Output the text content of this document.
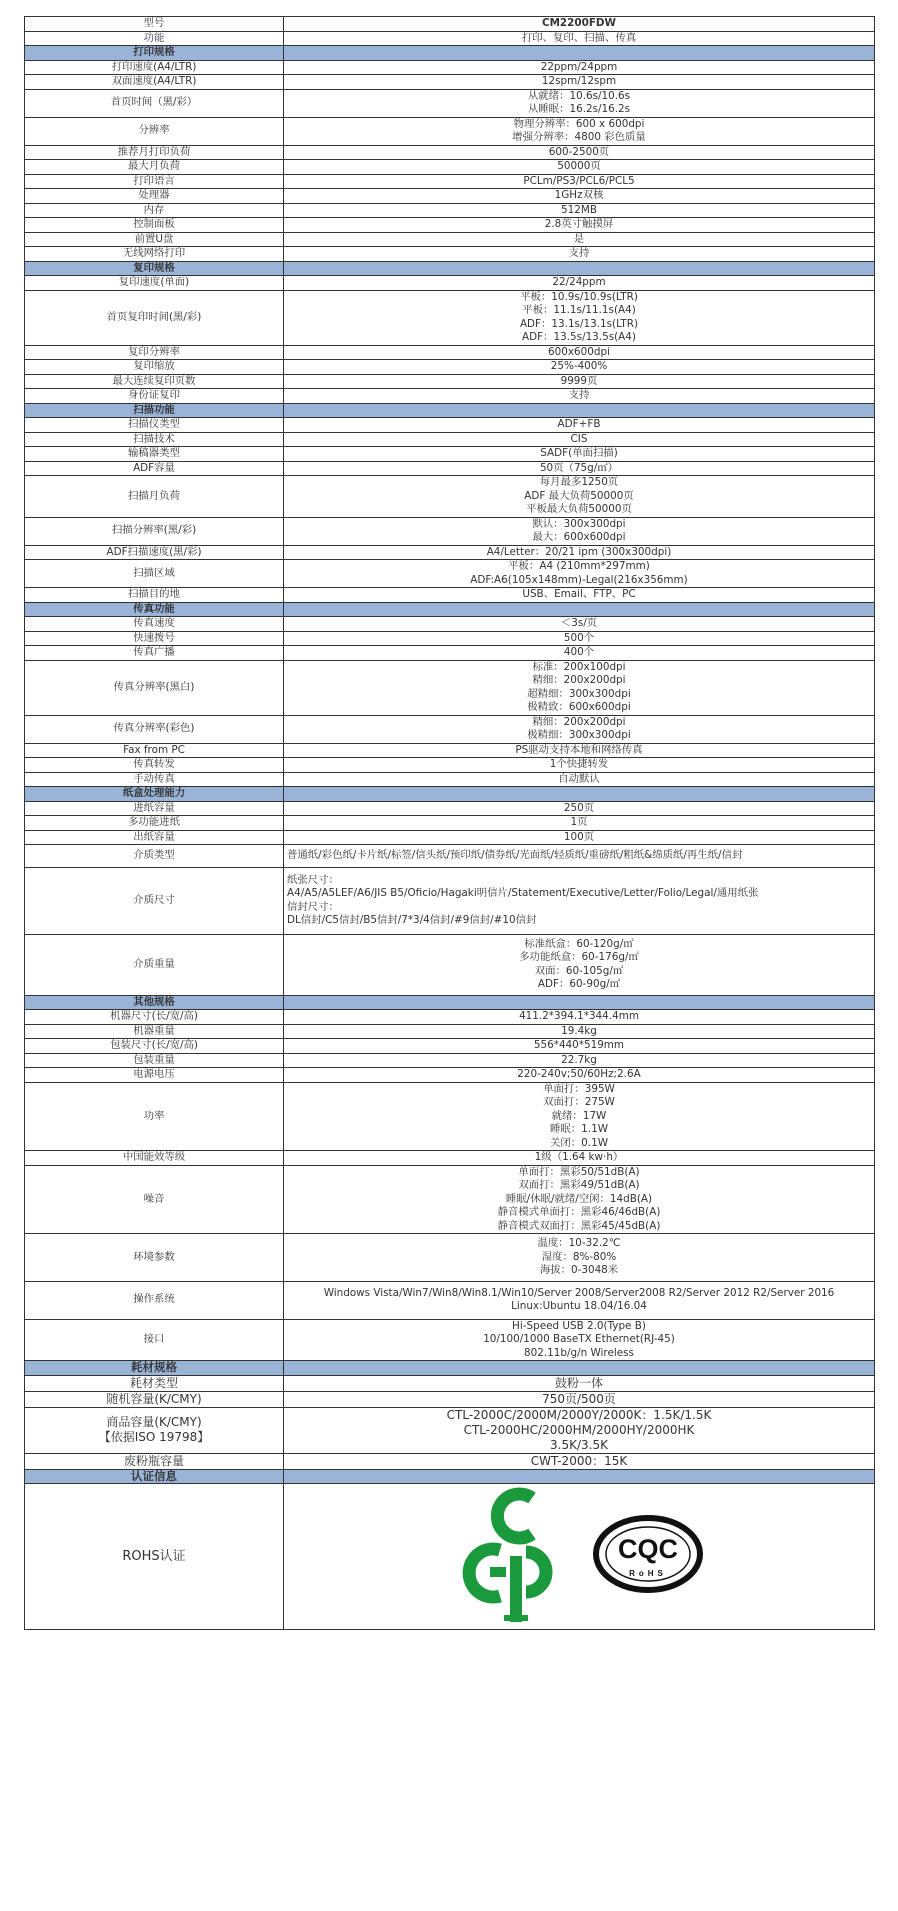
型号	CM2200FDW
功能	打印、复印、扫描、传真
打印规格	
打印速度(A4/LTR)	22ppm/24ppm

双面速度(A4/LTR)	12spm/12spm

首页时间（黑/彩）	从就绪：10.6s/10.6s
从睡眠：16.2s/16.2s

分辨率	物理分辨率：600 x 600dpi
增强分辨率：4800 彩色质量

推荐月打印负荷	600-2500页

最大月负荷	50000页

打印语言	PCLm/PS3/PCL6/PCL5

处理器	1GHz双核

内存	512MB

控制面板	2.8英寸触摸屏

前置U盘	是

无线网络打印	支持

复印规格	
复印速度(单面)	22/24ppm

首页复印时间(黑/彩)	平板：10.9s/10.9s(LTR)
平板：11.1s/11.1s(A4)
ADF：13.1s/13.1s(LTR)
ADF：13.5s/13.5s(A4)

复印分辨率	600x600dpi

复印缩放	25%-400%

最大连续复印页数	9999页

身份证复印	支持

扫描功能	
扫描仪类型	ADF+FB

扫描技术	CIS

输稿器类型	SADF(单面扫描)

ADF容量	50页（75g/㎡）

扫描月负荷	每月最多1250页
ADF 最大负荷50000页
平板最大负荷50000页

扫描分辨率(黑/彩)	默认：300x300dpi
最大：600x600dpi

ADF扫描速度(黑/彩)	A4/Letter：20/21 ipm (300x300dpi)

扫描区域	平板：A4 (210mm*297mm)
ADF:A6(105x148mm)-Legal(216x356mm)

扫描目的地	USB、Email、FTP、PC

传真功能	
传真速度	＜3s/页

快速拨号	500个

传真广播	400个

传真分辨率(黑白)	标准：200x100dpi
精细：200x200dpi
超精细：300x300dpi
极精致：600x600dpi

传真分辨率(彩色)	精细：200x200dpi
极精细：300x300dpi

Fax from PC	PS驱动支持本地和网络传真

传真转发	1个快捷转发

手动传真	自动默认

纸盒处理能力	
进纸容量	250页

多功能进纸	1页

出纸容量	100页

介质类型	普通纸/彩色纸/卡片纸/标签/信头纸/预印纸/债券纸/光面纸/轻质纸/重磅纸/粗纸&绵质纸/再生纸/信封

介质尺寸	纸张尺寸：
A4/A5/A5LEF/A6/JIS B5/Oficio/Hagaki明信片/Statement/Executive/Letter/Folio/Legal/通用纸张
信封尺寸：
DL信封/C5信封/B5信封/7*3/4信封/#9信封/#10信封

介质重量	标准纸盒：60-120g/㎡
多功能纸盒：60-176g/㎡
双面：60-105g/㎡
ADF：60-90g/㎡

其他规格	
机器尺寸(长/宽/高)	411.2*394.1*344.4mm

机器重量	19.4kg

包装尺寸(长/宽/高)	556*440*519mm

包装重量	22.7kg

电源电压	220-240v;50/60Hz;2.6A

功率	单面打：395W
双面打：275W
就绪：17W
睡眠：1.1W
关闭：0.1W

中国能效等级	1级（1.64 kw·h）

噪音	单面打：黑彩50/51dB(A)
双面打：黑彩49/51dB(A)
睡眠/休眠/就绪/空闲：14dB(A)
静音模式单面打：黑彩46/46dB(A)
静音模式双面打：黑彩45/45dB(A)

环境参数	温度：10-32.2℃
湿度：8%-80%
海拔：0-3048米

操作系统	Windows Vista/Win7/Win8/Win8.1/Win10/Server 2008/Server2008 R2/Server 2012 R2/Server 2016
Linux:Ubuntu 18.04/16.04

接口	Hi-Speed USB 2.0(Type B)
10/100/1000 BaseTX Ethernet(RJ-45)
802.11b/g/n Wireless

耗材规格	
耗材类型	鼓粉一体

随机容量(K/CMY)	750页/500页

商品容量(K/CMY)
【依据ISO 19798】	CTL-2000C/2000M/2000Y/2000K：1.5K/1.5K
CTL-2000HC/2000HM/2000HY/2000HK
3.5K/3.5K

废粉瓶容量	CWT-2000：15K

认证信息	
ROHS认证	CQC
RoHS
